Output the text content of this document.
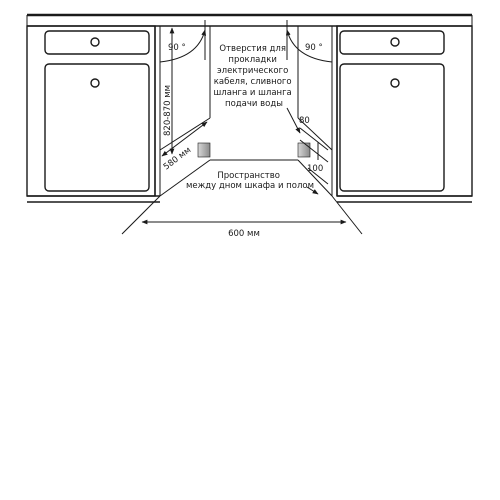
90 °	90 °
820-870 мм
580 мм
Отверстия для прокладки электрического кабеля, сливного шланга и шланга подачи воды
80
100
Пространство между дном шкафа и полом
600 мм
